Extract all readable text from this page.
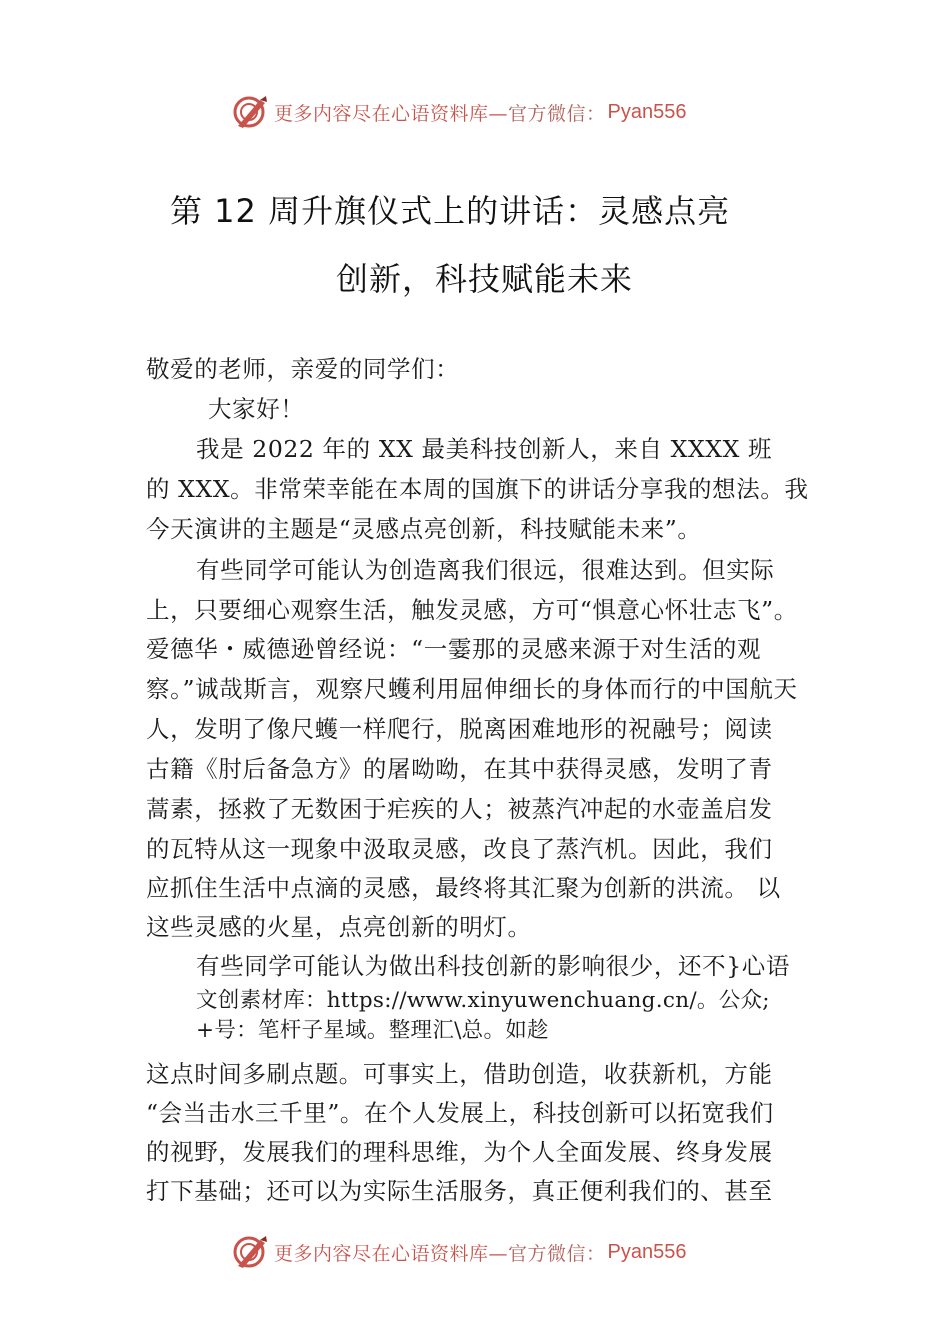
更多内容尽在心语资料库— 官方微信： Pyan556
第 12 周升旗仪式上的讲话：灵感点亮
创新，科技赋能未来
敬爱的老师，亲爱的同学们：
大家好！
我是 2022 年的 XX 最美科技创新人，来自 XXXX 班
的 XXX。非常荣幸能在本周的国旗下的讲话分享我的想法。我
今天演讲的主题是“灵感点亮创新，科技赋能未来”。
有些同学可能认为创造离我们很远，很难达到。但实际
上，只要细心观察生活，触发灵感，方可“惧意心怀壮志飞”。
爱德华・威德逊曾经说：“一霎那的灵感来源于对生活的观
察。”诚哉斯言，观察尺蠖利用屈伸细长的身体而行的中国航天
人，发明了像尺蠖一样爬行，脱离困难地形的祝融号；阅读
古籍《肘后备急方》的屠呦呦，在其中获得灵感，发明了青
蒿素，拯救了无数困于疟疾的人；被蒸汽冲起的水壶盖启发
的瓦特从这一现象中汲取灵感，改良了蒸汽机。因此，我们
应抓住生活中点滴的灵感，最终将其汇聚为创新的洪流。 以
这些灵感的火星，点亮创新的明灯。
有些同学可能认为做出科技创新的影响很少，还不}心语
文创素材库：https://www.xinyuwenchuang.cn/。公众;
+号：笔杆子星域。整理汇\总。如趁
这点时间多刷点题。可事实上，借助创造，收获新机，方能
“会当击水三千里”。在个人发展上，科技创新可以拓宽我们
的视野，发展我们的理科思维，为个人全面发展、终身发展
打下基础；还可以为实际生活服务，真正便利我们的、甚至
更多内容尽在心语资料库— 官方微信： Pyan556
